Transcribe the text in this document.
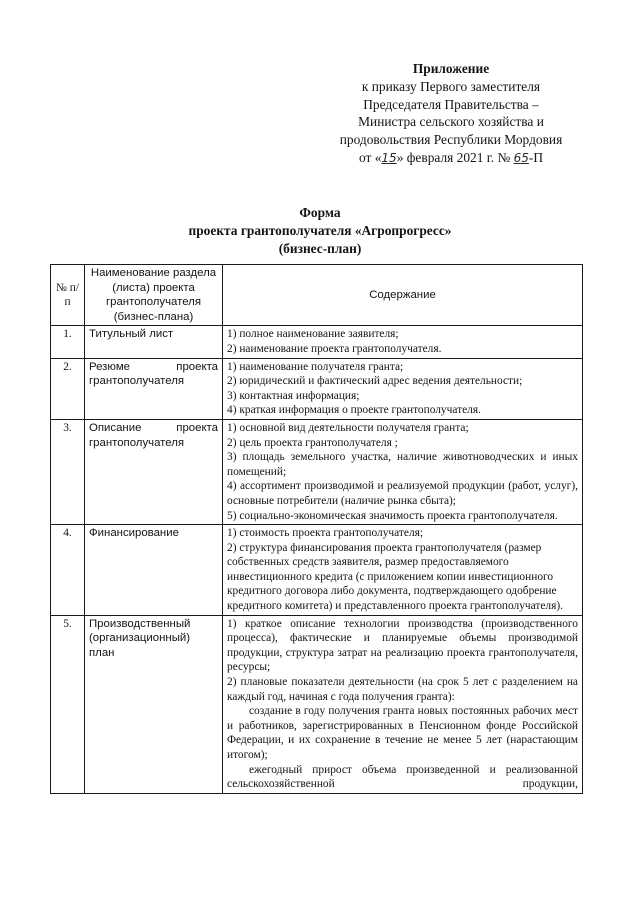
Приложение
к приказу Первого заместителя
Председателя Правительства –
Министра сельского хозяйства и
продовольствия Республики Мордовия
от «15» февраля 2021 г. № 65-П
Форма
проекта грантополучателя «Агропрогресс»
(бизнес-план)
№ п/п	Наименование раздела (листа) проекта грантополучателя (бизнес-плана)	Содержание
1.	Титульный лист	1) полное наименование заявителя;

2) наименование проекта грантополучателя.

2.	Резюме проекта грантополучателя	1) наименование получателя гранта;

2) юридический и фактический адрес ведения деятельности;

3) контактная информация;

4) краткая информация о проекте грантополучателя.

3.	Описание проекта грантополучателя	1) основной вид деятельности получателя гранта;

2) цель проекта грантополучателя ;

3) площадь земельного участка, наличие животноводческих и иных помещений;

4) ассортимент производимой и реализуемой продукции (работ, услуг), основные потребители (наличие рынка сбыта);

5) социально-экономическая значимость проекта грантополучателя.

4.	Финансирование	1) стоимость проекта грантополучателя;

2) структура финансирования проекта грантополучателя (размер собственных средств заявителя, размер предоставляемого инвестиционного кредита (с приложением копии инвестиционного кредитного договора либо документа, подтверждающего одобрение кредитного комитета) и представленного проекта грантополучателя).

5.	Производственный (организационный) план	1) краткое описание технологии производства (производственного процесса), фактические и планируемые объемы производимой продукции, структура затрат на реализацию проекта грантополучателя, ресурсы;

2) плановые показатели деятельности (на срок 5 лет с разделением на каждый год, начиная с года получения гранта):

создание в году получения гранта новых постоянных рабочих мест и работников, зарегистрированных в Пенсионном фонде Российской Федерации, и их сохранение в течение не менее 5 лет (нарастающим итогом);

ежегодный прирост объема произведенной и реализованной сельскохозяйственной продукции,
